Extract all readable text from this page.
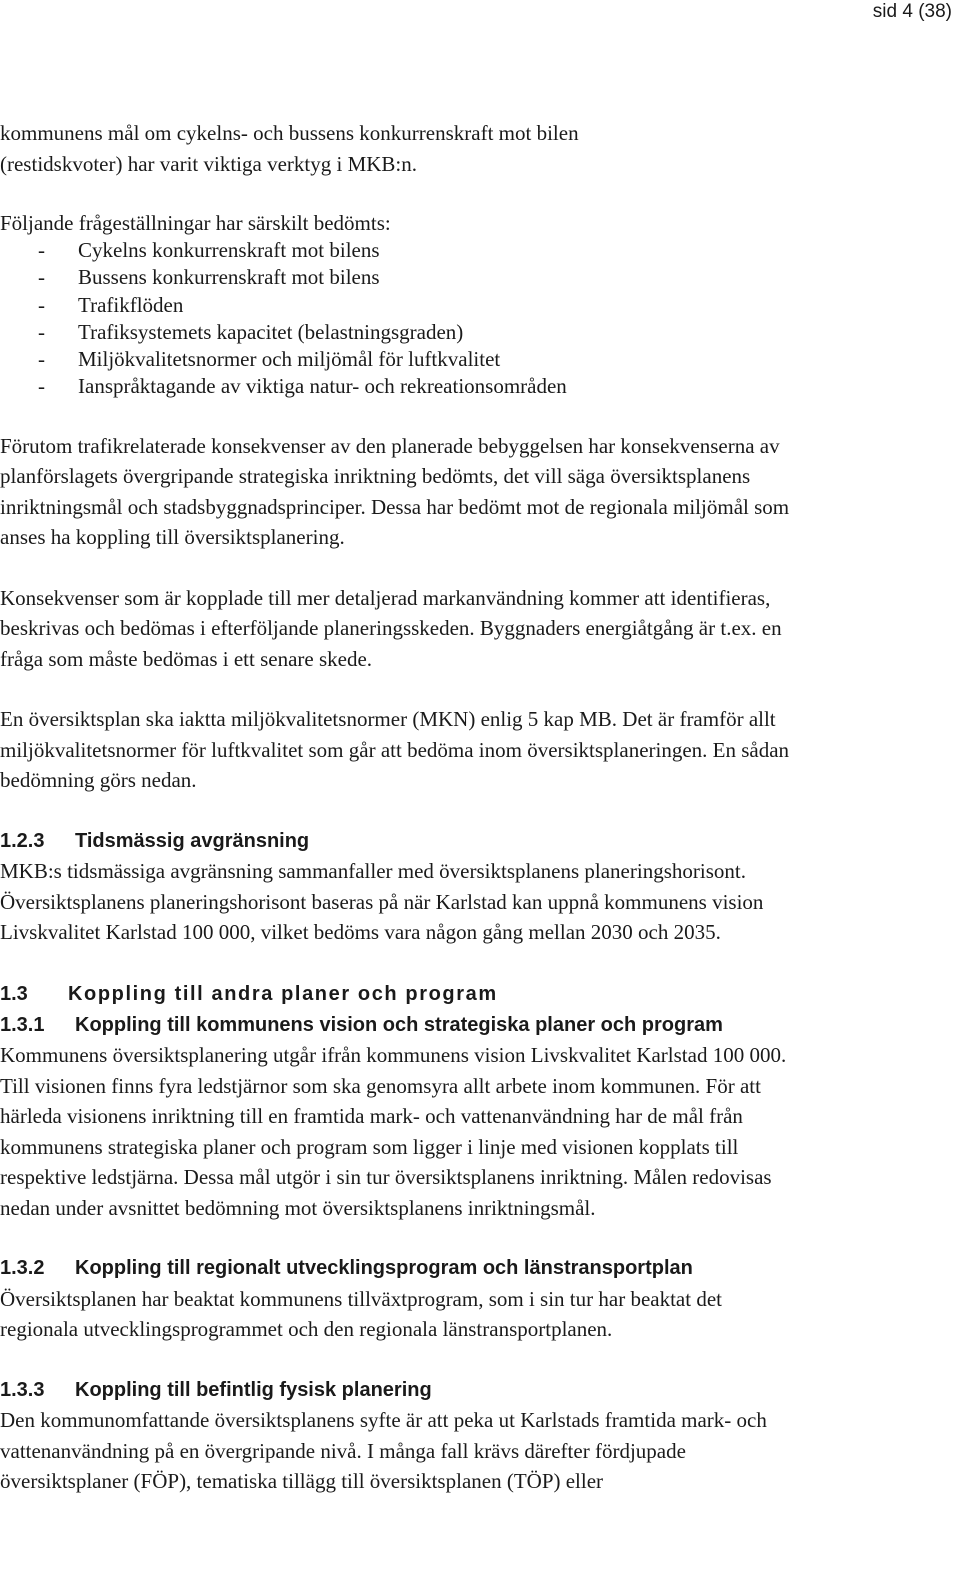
sid 4 (38)

kommunens mål om cykelns- och bussens konkurrenskraft mot bilen (restidskvoter) har varit viktiga verktyg i MKB:n.

Följande frågeställningar har särskilt bedömts:

- Cykelns konkurrenskraft mot bilens
- Bussens konkurrenskraft mot bilens
- Trafikflöden
- Trafiksystemets kapacitet (belastningsgraden)
- Miljökvalitetsnormer och miljömål för luftkvalitet
- Ianspråktagande av viktiga natur- och rekreationsområden

Förutom trafikrelaterade konsekvenser av den planerade bebyggelsen har konsekvenserna av planförslagets övergripande strategiska inriktning bedömts, det vill säga översiktsplanens inriktningsmål och stadsbyggnadsprinciper. Dessa har bedömt mot de regionala miljömål som anses ha koppling till översiktsplanering.

Konsekvenser som är kopplade till mer detaljerad markanvändning kommer att identifieras, beskrivas och bedömas i efterföljande planeringsskeden. Byggnaders energiåtgång är t.ex. en fråga som måste bedömas i ett senare skede.

En översiktsplan ska iaktta miljökvalitetsnormer (MKN) enlig 5 kap MB. Det är framför allt miljökvalitetsnormer för luftkvalitet som går att bedöma inom översiktsplaneringen. En sådan bedömning görs nedan.

1.2.3 Tidsmässig avgränsning

MKB:s tidsmässiga avgränsning sammanfaller med översiktsplanens planeringshorisont. Översiktsplanens planeringshorisont baseras på när Karlstad kan uppnå kommunens vision Livskvalitet Karlstad 100 000, vilket bedöms vara någon gång mellan 2030 och 2035.

1.3 Koppling till andra planer och program
1.3.1 Koppling till kommunens vision och strategiska planer och program

Kommunens översiktsplanering utgår ifrån kommunens vision Livskvalitet Karlstad 100 000. Till visionen finns fyra ledstjärnor som ska genomsyra allt arbete inom kommunen. För att härleda visionens inriktning till en framtida mark- och vattenanvändning har de mål från kommunens strategiska planer och program som ligger i linje med visionen kopplats till respektive ledstjärna. Dessa mål utgör i sin tur översiktsplanens inriktning. Målen redovisas nedan under avsnittet bedömning mot översiktsplanens inriktningsmål.

1.3.2 Koppling till regionalt utvecklingsprogram och länstransportplan

Översiktsplanen har beaktat kommunens tillväxtprogram, som i sin tur har beaktat det regionala utvecklingsprogrammet och den regionala länstransportplanen.

1.3.3 Koppling till befintlig fysisk planering

Den kommunomfattande översiktsplanens syfte är att peka ut Karlstads framtida mark- och vattenanvändning på en övergripande nivå. I många fall krävs därefter fördjupade översiktsplaner (FÖP), tematiska tillägg till översiktsplanen (TÖP) eller
